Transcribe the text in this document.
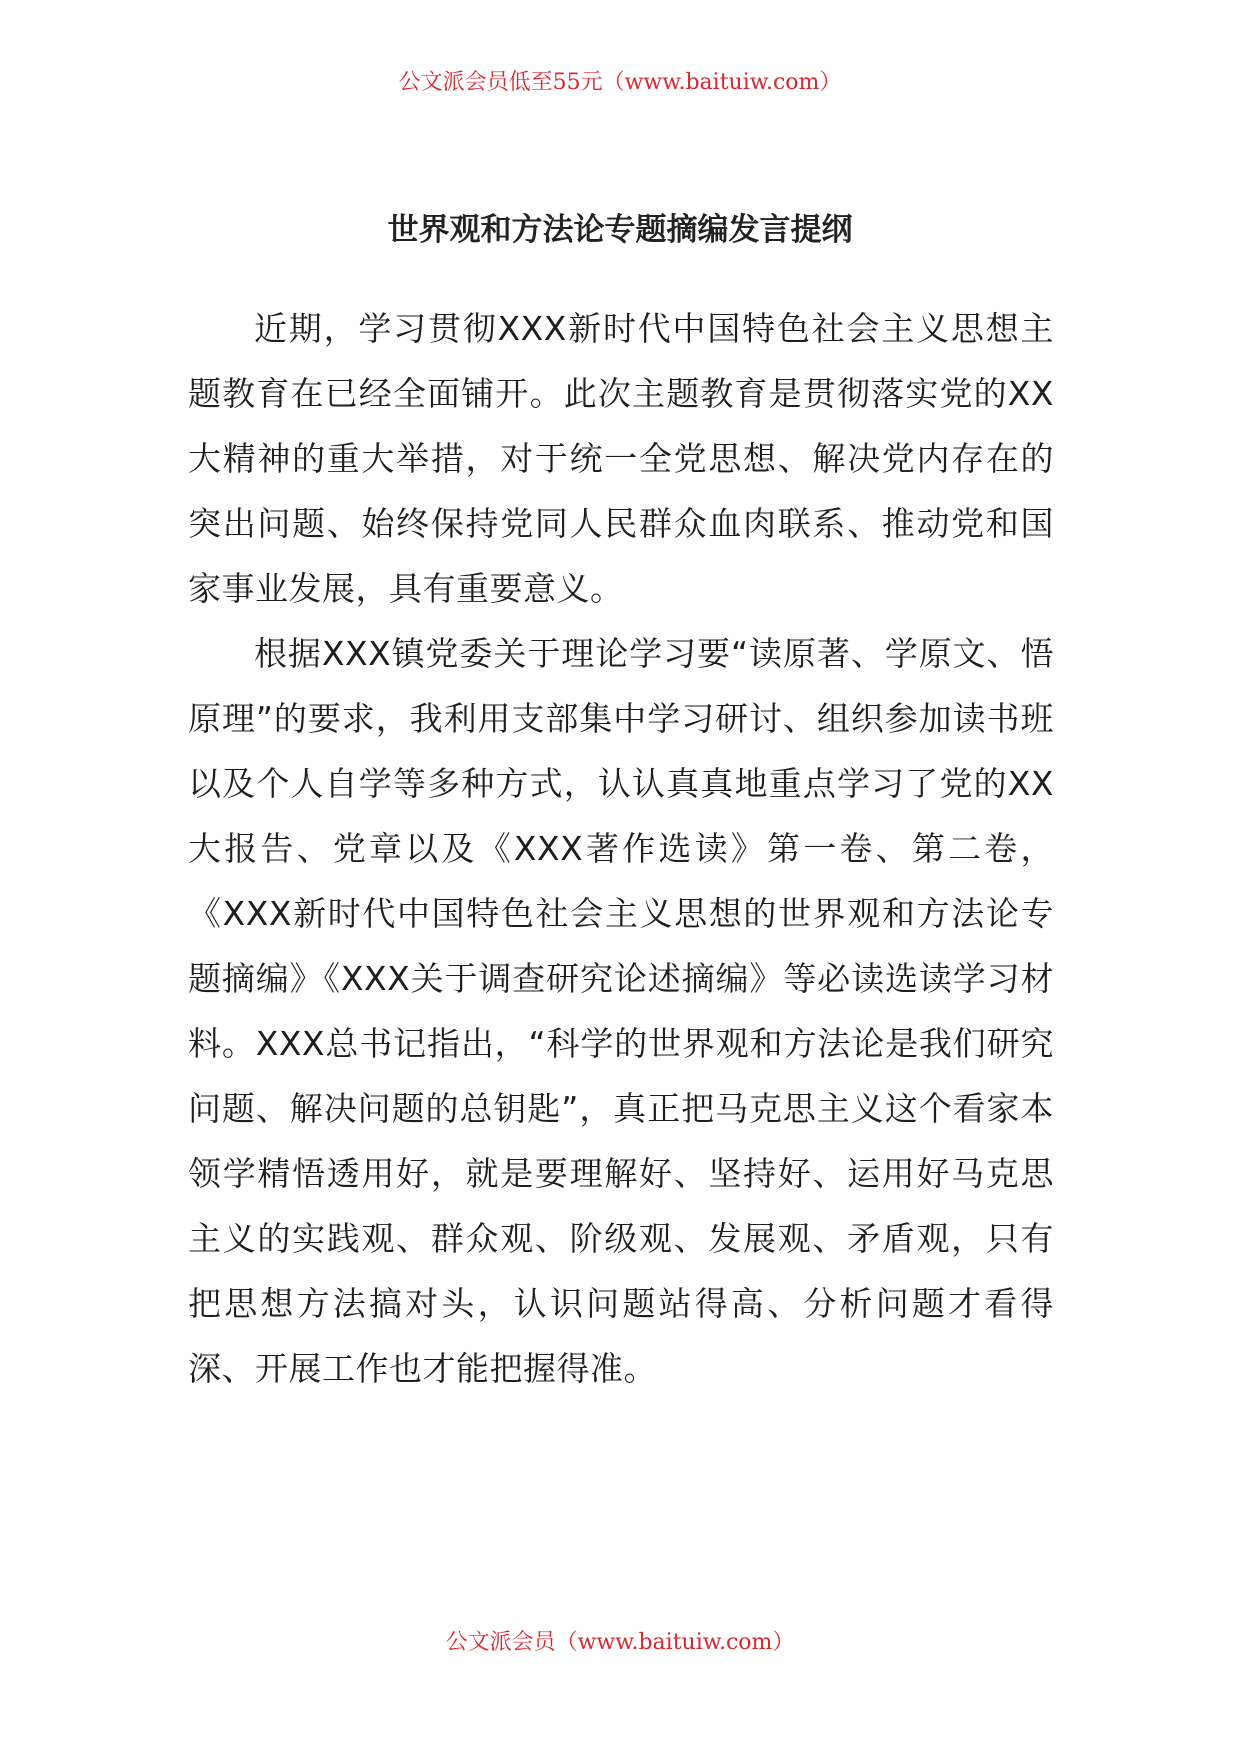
公文派会员低至55元（www.baituiw.com）
世界观和方法论专题摘编发言提纲

近期，学习贯彻XXX新时代中国特色社会主义思想主题教育在已经全面铺开。此次主题教育是贯彻落实党的XX大精神的重大举措，对于统一全党思想、解决党内存在的突出问题、始终保持党同人民群众血肉联系、推动党和国家事业发展，具有重要意义。

根据XXX镇党委关于理论学习要“读原著、学原文、悟原理”的要求，我利用支部集中学习研讨、组织参加读书班以及个人自学等多种方式，认认真真地重点学习了党的XX大报告、党章以及《XXX著作选读》第一卷、第二卷，《XXX新时代中国特色社会主义思想的世界观和方法论专题摘编》《XXX关于调查研究论述摘编》等必读选读学习材料。XXX总书记指出，“科学的世界观和方法论是我们研究问题、解决问题的总钥匙”，真正把马克思主义这个看家本领学精悟透用好，就是要理解好、坚持好、运用好马克思主义的实践观、群众观、阶级观、发展观、矛盾观，只有把思想方法搞对头，认识问题站得高、分析问题才看得深、开展工作也才能把握得准。

公文派会员（www.baituiw.com）
